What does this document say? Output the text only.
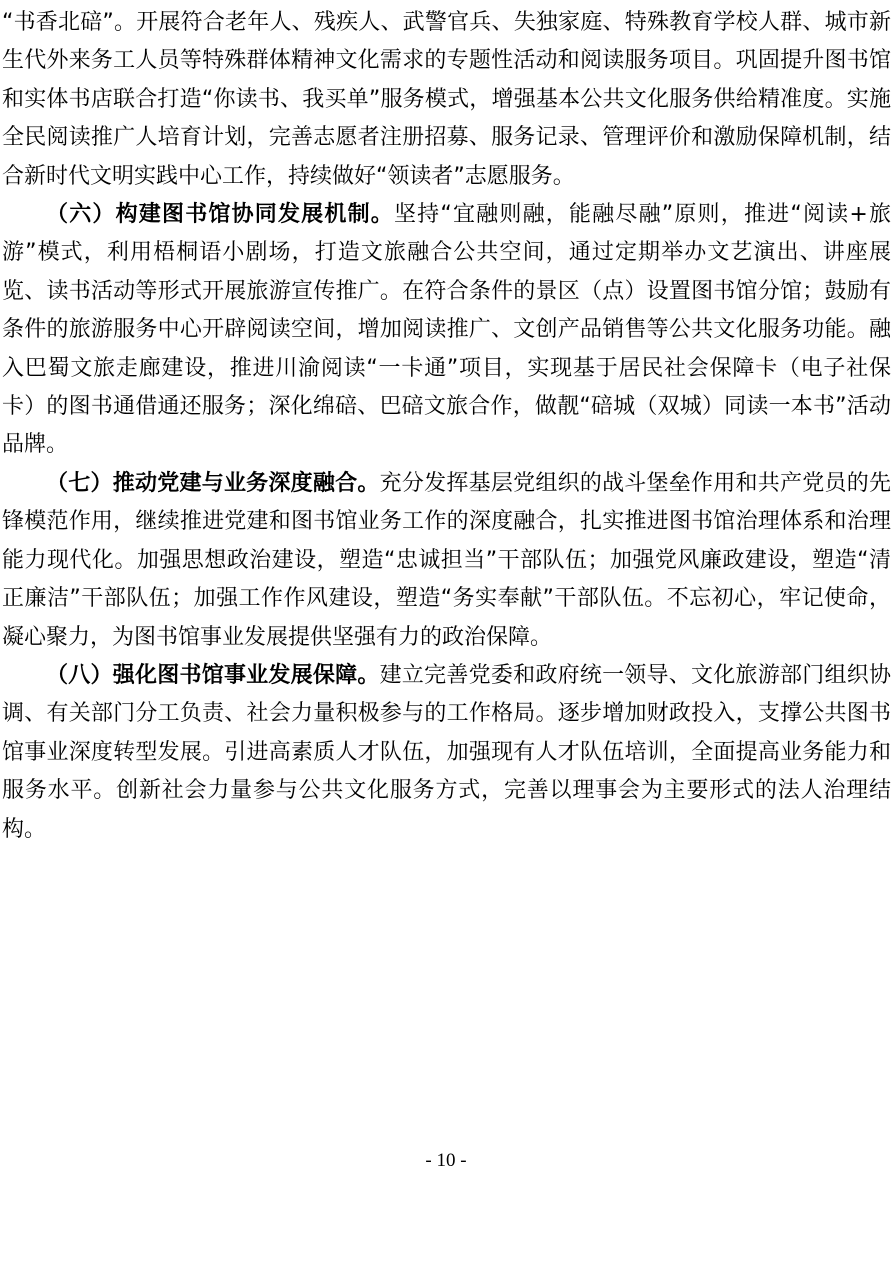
“书香北碚”。开展符合老年人、残疾人、武警官兵、失独家庭、特殊教育学校人群、城市新生代外来务工人员等特殊群体精神文化需求的专题性活动和阅读服务项目。巩固提升图书馆和实体书店联合打造“你读书、我买单”服务模式，增强基本公共文化服务供给精准度。实施全民阅读推广人培育计划，完善志愿者注册招募、服务记录、管理评价和激励保障机制，结合新时代文明实践中心工作，持续做好“领读者”志愿服务。

（六）构建图书馆协同发展机制。坚持“宜融则融，能融尽融”原则，推进“阅读+旅游”模式，利用梧桐语小剧场，打造文旅融合公共空间，通过定期举办文艺演出、讲座展览、读书活动等形式开展旅游宣传推广。在符合条件的景区（点）设置图书馆分馆；鼓励有条件的旅游服务中心开辟阅读空间，增加阅读推广、文创产品销售等公共文化服务功能。融入巴蜀文旅走廊建设，推进川渝阅读“一卡通”项目，实现基于居民社会保障卡（电子社保卡）的图书通借通还服务；深化绵碚、巴碚文旅合作，做靓“碚城（双城）同读一本书”活动品牌。

（七）推动党建与业务深度融合。充分发挥基层党组织的战斗堡垒作用和共产党员的先锋模范作用，继续推进党建和图书馆业务工作的深度融合，扎实推进图书馆治理体系和治理能力现代化。加强思想政治建设，塑造“忠诚担当”干部队伍；加强党风廉政建设，塑造“清正廉洁”干部队伍；加强工作作风建设，塑造“务实奉献”干部队伍。不忘初心，牢记使命，凝心聚力，为图书馆事业发展提供坚强有力的政治保障。

（八）强化图书馆事业发展保障。建立完善党委和政府统一领导、文化旅游部门组织协调、有关部门分工负责、社会力量积极参与的工作格局。逐步增加财政投入，支撑公共图书馆事业深度转型发展。引进高素质人才队伍，加强现有人才队伍培训，全面提高业务能力和服务水平。创新社会力量参与公共文化服务方式，完善以理事会为主要形式的法人治理结构。

- 10 -
